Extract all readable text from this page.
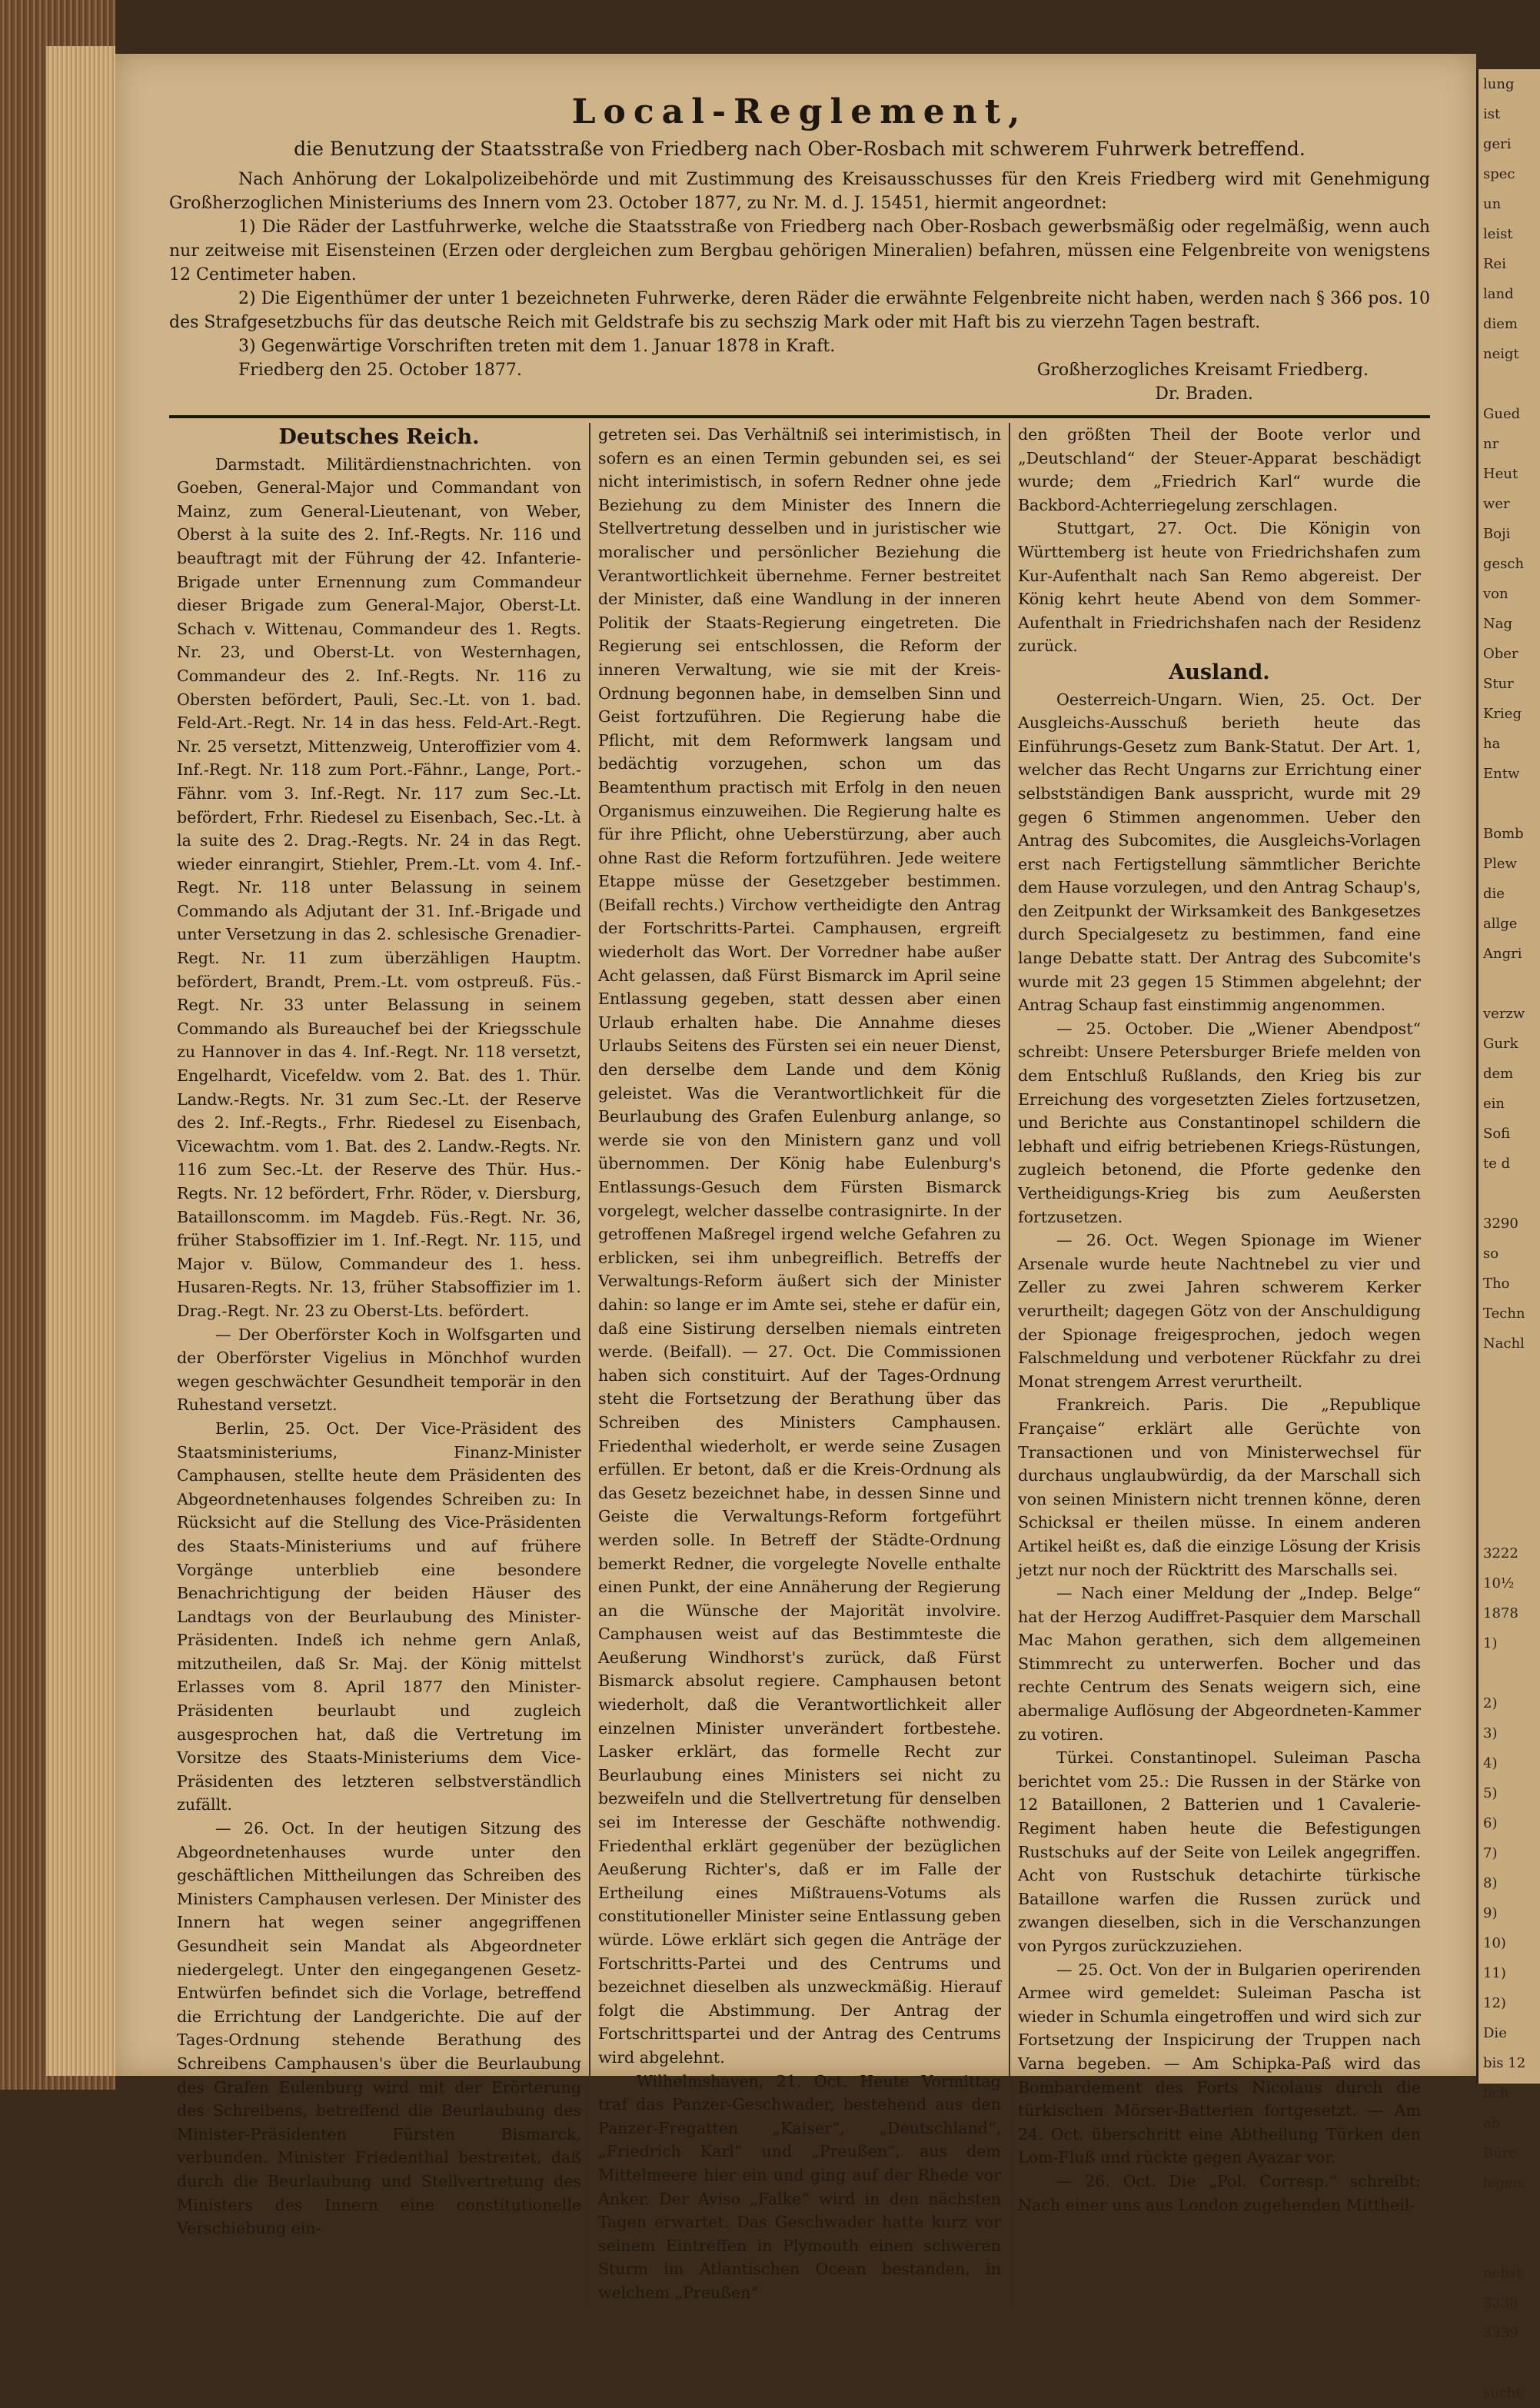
Local-Reglement,
die Benutzung der Staatsstraße von Friedberg nach Ober-Rosbach mit schwerem Fuhrwerk betreffend.

Nach Anhörung der Lokalpolizeibehörde und mit Zustimmung des Kreisausschusses für den Kreis Friedberg wird mit Genehmigung Großherzoglichen Ministeriums des Innern vom 23. October 1877, zu Nr. M. d. J. 15451, hiermit angeordnet:

1) Die Räder der Lastfuhrwerke, welche die Staatsstraße von Friedberg nach Ober-Rosbach gewerbsmäßig oder regelmäßig, wenn auch nur zeitweise mit Eisensteinen (Erzen oder dergleichen zum Bergbau gehörigen Mineralien) befahren, müssen eine Felgenbreite von wenigstens 12 Centimeter haben.

2) Die Eigenthümer der unter 1 bezeichneten Fuhrwerke, deren Räder die erwähnte Felgenbreite nicht haben, werden nach § 366 pos. 10 des Strafgesetzbuchs für das deutsche Reich mit Geldstrafe bis zu sechszig Mark oder mit Haft bis zu vierzehn Tagen bestraft.

3) Gegenwärtige Vorschriften treten mit dem 1. Januar 1878 in Kraft.

Friedberg den 25. October 1877.	Großherzogliches Kreisamt Friedberg.
Dr. Braden.
Deutsches Reich.

Darmstadt. Militärdienstnachrichten. von Goeben, General-Major und Commandant von Mainz, zum General-Lieutenant, von Weber, Oberst à la suite des 2. Inf.-Regts. Nr. 116 und beauftragt mit der Führung der 42. Infanterie-Brigade unter Ernennung zum Commandeur dieser Brigade zum General-Major, Oberst-Lt. Schach v. Wittenau, Commandeur des 1. Regts. Nr. 23, und Oberst-Lt. von Westernhagen, Commandeur des 2. Inf.-Regts. Nr. 116 zu Obersten befördert, Pauli, Sec.-Lt. von 1. bad. Feld-Art.-Regt. Nr. 14 in das hess. Feld-Art.-Regt. Nr. 25 versetzt, Mittenzweig, Unteroffizier vom 4. Inf.-Regt. Nr. 118 zum Port.-Fähnr., Lange, Port.-Fähnr. vom 3. Inf.-Regt. Nr. 117 zum Sec.-Lt. befördert, Frhr. Riedesel zu Eisenbach, Sec.-Lt. à la suite des 2. Drag.-Regts. Nr. 24 in das Regt. wieder einrangirt, Stiehler, Prem.-Lt. vom 4. Inf.-Regt. Nr. 118 unter Belassung in seinem Commando als Adjutant der 31. Inf.-Brigade und unter Versetzung in das 2. schlesische Grenadier-Regt. Nr. 11 zum überzähligen Hauptm. befördert, Brandt, Prem.-Lt. vom ostpreuß. Füs.-Regt. Nr. 33 unter Belassung in seinem Commando als Bureauchef bei der Kriegsschule zu Hannover in das 4. Inf.-Regt. Nr. 118 versetzt, Engelhardt, Vicefeldw. vom 2. Bat. des 1. Thür. Landw.-Regts. Nr. 31 zum Sec.-Lt. der Reserve des 2. Inf.-Regts., Frhr. Riedesel zu Eisenbach, Vicewachtm. vom 1. Bat. des 2. Landw.-Regts. Nr. 116 zum Sec.-Lt. der Reserve des Thür. Hus.-Regts. Nr. 12 befördert, Frhr. Röder, v. Diersburg, Bataillonscomm. im Magdeb. Füs.-Regt. Nr. 36, früher Stabsoffizier im 1. Inf.-Regt. Nr. 115, und Major v. Bülow, Commandeur des 1. hess. Husaren-Regts. Nr. 13, früher Stabsoffizier im 1. Drag.-Regt. Nr. 23 zu Oberst-Lts. befördert.

— Der Oberförster Koch in Wolfsgarten und der Oberförster Vigelius in Mönchhof wurden wegen geschwächter Gesundheit temporär in den Ruhestand versetzt.

Berlin, 25. Oct. Der Vice-Präsident des Staatsministeriums, Finanz-Minister Camphausen, stellte heute dem Präsidenten des Abgeordnetenhauses folgendes Schreiben zu: In Rücksicht auf die Stellung des Vice-Präsidenten des Staats-Ministeriums und auf frühere Vorgänge unterblieb eine besondere Benachrichtigung der beiden Häuser des Landtags von der Beurlaubung des Minister-Präsidenten. Indeß ich nehme gern Anlaß, mitzutheilen, daß Sr. Maj. der König mittelst Erlasses vom 8. April 1877 den Minister-Präsidenten beurlaubt und zugleich ausgesprochen hat, daß die Vertretung im Vorsitze des Staats-Ministeriums dem Vice-Präsidenten des letzteren selbstverständlich zufällt.

— 26. Oct. In der heutigen Sitzung des Abgeordnetenhauses wurde unter den geschäftlichen Mittheilungen das Schreiben des Ministers Camphausen verlesen. Der Minister des Innern hat wegen seiner angegriffenen Gesundheit sein Mandat als Abgeordneter niedergelegt. Unter den eingegangenen Gesetz-Entwürfen befindet sich die Vorlage, betreffend die Errichtung der Landgerichte. Die auf der Tages-Ordnung stehende Berathung des Schreibens Camphausen's über die Beurlaubung des Grafen Eulenburg wird mit der Erörterung des Schreibens, betreffend die Beurlaubung des Minister-Präsidenten Fürsten Bismarck, verbunden. Minister Friedenthal bestreitet, daß durch die Beurlaubung und Stellvertretung des Ministers des Innern eine constitutionelle Verschiebung ein-

getreten sei. Das Verhältniß sei interimistisch, in sofern es an einen Termin gebunden sei, es sei nicht interimistisch, in sofern Redner ohne jede Beziehung zu dem Minister des Innern die Stellvertretung desselben und in juristischer wie moralischer und persönlicher Beziehung die Verantwortlichkeit übernehme. Ferner bestreitet der Minister, daß eine Wandlung in der inneren Politik der Staats-Regierung eingetreten. Die Regierung sei entschlossen, die Reform der inneren Verwaltung, wie sie mit der Kreis-Ordnung begonnen habe, in demselben Sinn und Geist fortzuführen. Die Regierung habe die Pflicht, mit dem Reformwerk langsam und bedächtig vorzugehen, schon um das Beamtenthum practisch mit Erfolg in den neuen Organismus einzuweihen. Die Regierung halte es für ihre Pflicht, ohne Ueberstürzung, aber auch ohne Rast die Reform fortzuführen. Jede weitere Etappe müsse der Gesetzgeber bestimmen. (Beifall rechts.) Virchow vertheidigte den Antrag der Fortschritts-Partei. Camphausen, ergreift wiederholt das Wort. Der Vorredner habe außer Acht gelassen, daß Fürst Bismarck im April seine Entlassung gegeben, statt dessen aber einen Urlaub erhalten habe. Die Annahme dieses Urlaubs Seitens des Fürsten sei ein neuer Dienst, den derselbe dem Lande und dem König geleistet. Was die Verantwortlichkeit für die Beurlaubung des Grafen Eulenburg anlange, so werde sie von den Ministern ganz und voll übernommen. Der König habe Eulenburg's Entlassungs-Gesuch dem Fürsten Bismarck vorgelegt, welcher dasselbe contrasignirte. In der getroffenen Maßregel irgend welche Gefahren zu erblicken, sei ihm unbegreiflich. Betreffs der Verwaltungs-Reform äußert sich der Minister dahin: so lange er im Amte sei, stehe er dafür ein, daß eine Sistirung derselben niemals eintreten werde. (Beifall). — 27. Oct. Die Commissionen haben sich constituirt. Auf der Tages-Ordnung steht die Fortsetzung der Berathung über das Schreiben des Ministers Camphausen. Friedenthal wiederholt, er werde seine Zusagen erfüllen. Er betont, daß er die Kreis-Ordnung als das Gesetz bezeichnet habe, in dessen Sinne und Geiste die Verwaltungs-Reform fortgeführt werden solle. In Betreff der Städte-Ordnung bemerkt Redner, die vorgelegte Novelle enthalte einen Punkt, der eine Annäherung der Regierung an die Wünsche der Majorität involvire. Camphausen weist auf das Bestimmteste die Aeußerung Windhorst's zurück, daß Fürst Bismarck absolut regiere. Camphausen betont wiederholt, daß die Verantwortlichkeit aller einzelnen Minister unverändert fortbestehe. Lasker erklärt, das formelle Recht zur Beurlaubung eines Ministers sei nicht zu bezweifeln und die Stellvertretung für denselben sei im Interesse der Geschäfte nothwendig. Friedenthal erklärt gegenüber der bezüglichen Aeußerung Richter's, daß er im Falle der Ertheilung eines Mißtrauens-Votums als constitutioneller Minister seine Entlassung geben würde. Löwe erklärt sich gegen die Anträge der Fortschritts-Partei und des Centrums und bezeichnet dieselben als unzweckmäßig. Hierauf folgt die Abstimmung. Der Antrag der Fortschrittspartei und der Antrag des Centrums wird abgelehnt.

Wilhelmshaven, 21. Oct. Heute Vormittag traf das Panzer-Geschwader, bestehend aus den Panzer-Fregatten „Kaiser“, „Deutschland“, „Friedrich Karl“ und „Preußen“, aus dem Mittelmeere hier ein und ging auf der Rhede vor Anker. Der Aviso „Falke“ wird in den nächsten Tagen erwartet. Das Geschwader hatte kurz vor seinem Eintreffen in Plymouth einen schweren Sturm im Atlantischen Ocean bestanden, in welchem „Preußen“

den größten Theil der Boote verlor und „Deutschland“ der Steuer-Apparat beschädigt wurde; dem „Friedrich Karl“ wurde die Backbord-Achterriegelung zerschlagen.

Stuttgart, 27. Oct. Die Königin von Württemberg ist heute von Friedrichshafen zum Kur-Aufenthalt nach San Remo abgereist. Der König kehrt heute Abend von dem Sommer-Aufenthalt in Friedrichshafen nach der Residenz zurück.

Ausland.

Oesterreich-Ungarn. Wien, 25. Oct. Der Ausgleichs-Ausschuß berieth heute das Einführungs-Gesetz zum Bank-Statut. Der Art. 1, welcher das Recht Ungarns zur Errichtung einer selbstständigen Bank ausspricht, wurde mit 29 gegen 6 Stimmen angenommen. Ueber den Antrag des Subcomites, die Ausgleichs-Vorlagen erst nach Fertigstellung sämmtlicher Berichte dem Hause vorzulegen, und den Antrag Schaup's, den Zeitpunkt der Wirksamkeit des Bankgesetzes durch Specialgesetz zu bestimmen, fand eine lange Debatte statt. Der Antrag des Subcomite's wurde mit 23 gegen 15 Stimmen abgelehnt; der Antrag Schaup fast einstimmig angenommen.

— 25. October. Die „Wiener Abendpost“ schreibt: Unsere Petersburger Briefe melden von dem Entschluß Rußlands, den Krieg bis zur Erreichung des vorgesetzten Zieles fortzusetzen, und Berichte aus Constantinopel schildern die lebhaft und eifrig betriebenen Kriegs-Rüstungen, zugleich betonend, die Pforte gedenke den Vertheidigungs-Krieg bis zum Aeußersten fortzusetzen.

— 26. Oct. Wegen Spionage im Wiener Arsenale wurde heute Nachtnebel zu vier und Zeller zu zwei Jahren schwerem Kerker verurtheilt; dagegen Götz von der Anschuldigung der Spionage freigesprochen, jedoch wegen Falschmeldung und verbotener Rückfahr zu drei Monat strengem Arrest verurtheilt.

Frankreich. Paris. Die „Republique Française“ erklärt alle Gerüchte von Transactionen und von Ministerwechsel für durchaus unglaubwürdig, da der Marschall sich von seinen Ministern nicht trennen könne, deren Schicksal er theilen müsse. In einem anderen Artikel heißt es, daß die einzige Lösung der Krisis jetzt nur noch der Rücktritt des Marschalls sei.

— Nach einer Meldung der „Indep. Belge“ hat der Herzog Audiffret-Pasquier dem Marschall Mac Mahon gerathen, sich dem allgemeinen Stimmrecht zu unterwerfen. Bocher und das rechte Centrum des Senats weigern sich, eine abermalige Auflösung der Abgeordneten-Kammer zu votiren.

Türkei. Constantinopel. Suleiman Pascha berichtet vom 25.: Die Russen in der Stärke von 12 Bataillonen, 2 Batterien und 1 Cavalerie-Regiment haben heute die Befestigungen Rustschuks auf der Seite von Leilek angegriffen. Acht von Rustschuk detachirte türkische Bataillone warfen die Russen zurück und zwangen dieselben, sich in die Verschanzungen von Pyrgos zurückzuziehen.

— 25. Oct. Von der in Bulgarien operirenden Armee wird gemeldet: Suleiman Pascha ist wieder in Schumla eingetroffen und wird sich zur Fortsetzung der Inspicirung der Truppen nach Varna begeben. — Am Schipka-Paß wird das Bombardement des Forts Nicolaus durch die türkischen Mörser-Batterien fortgesetzt. — Am 24. Oct. überschritt eine Abtheilung Türken den Lom-Fluß und rückte gegen Ayazar vor.

— 26. Oct. Die „Pol. Corresp.“ schreibt: Nach einer uns aus London zugehenden Mittheil-

lung
ist
geri
spec
un
leist
Rei
land
diem
neigt
Gued
nr
Heut
wer
Boji
gesch
von
Nag
Ober
Stur
Krieg
ha
Entw
Bomb
Plew
die
allge
Angri
verzw
Gurk
dem
ein
Sofi
te d
3290
so
Tho
Techn
Nachl
3222
10½
1878
1)
2)
3)
4)
5)
6)
7)
8)
9)
10)
11)
12)
Die
bis 12
lich
ab
Büre
legen.
nebst
3338
3339
sucht
